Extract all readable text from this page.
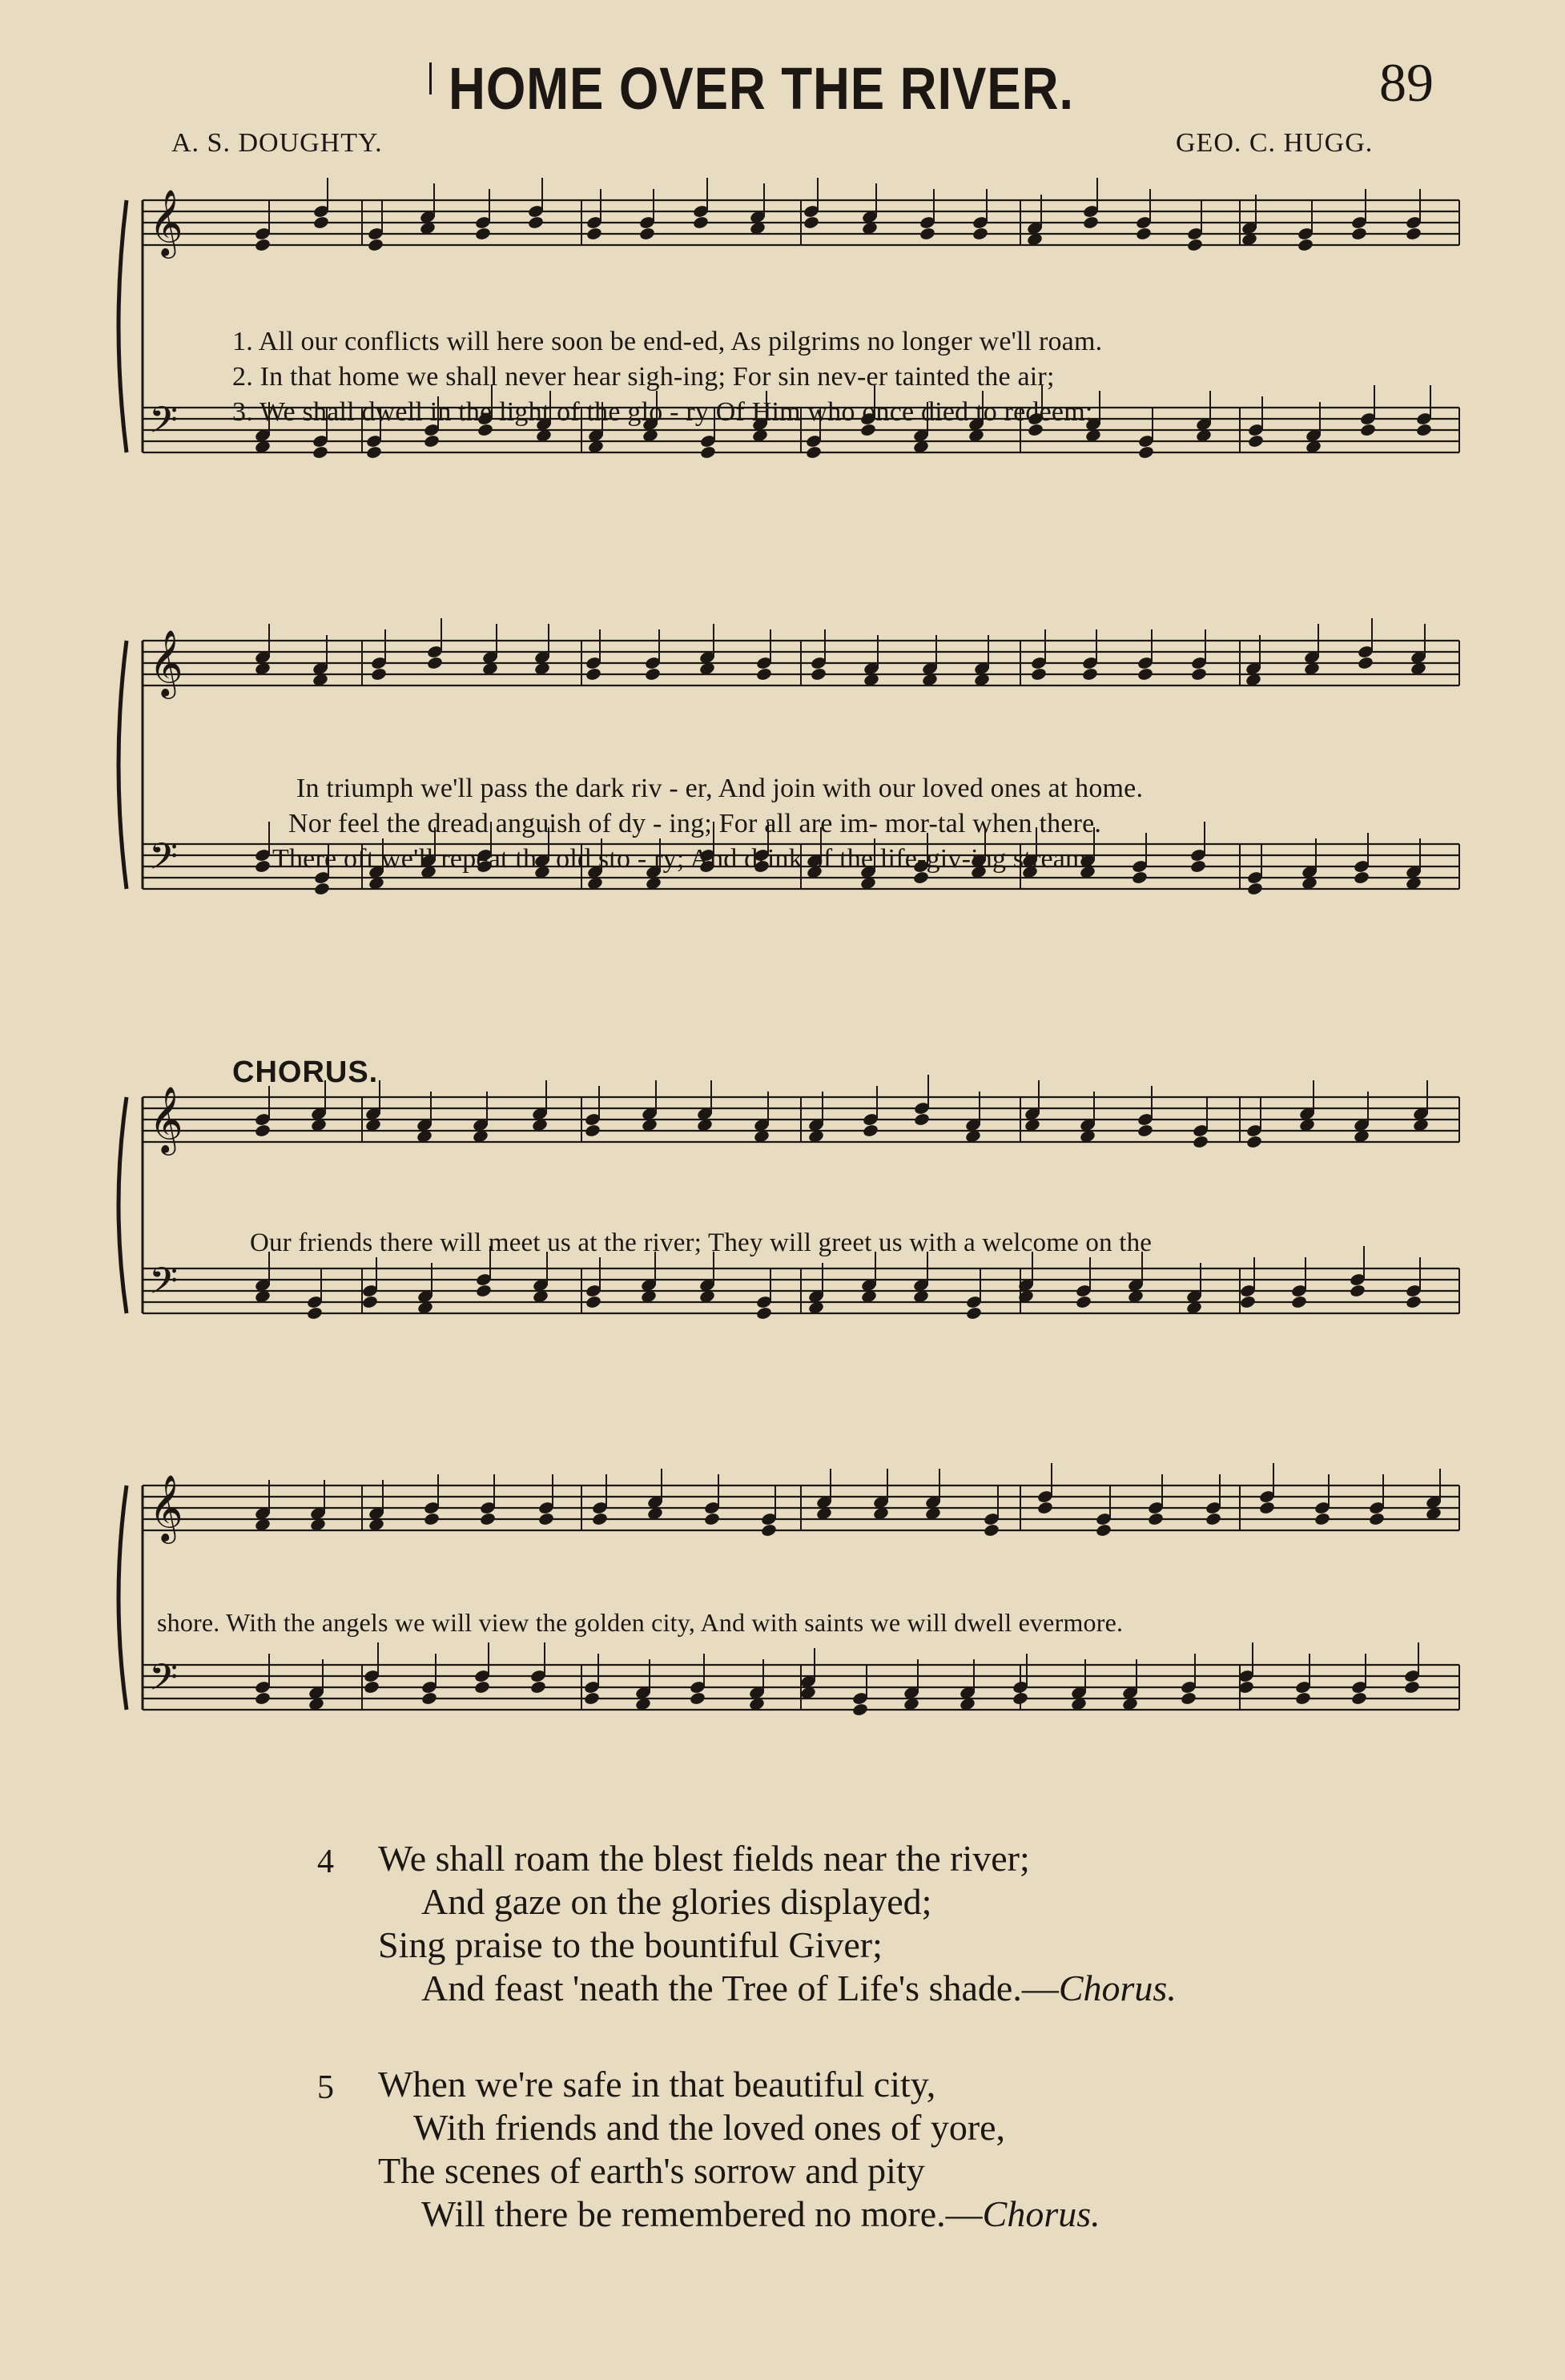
HOME OVER THE RIVER.	89
A. S. DOUGHTY.	GEO. C. HUGG.
𝄞
𝄢
1. All our conflicts will here soon be end-ed, As pilgrims no longer we'll roam.
2. In that home we shall never hear sigh-ing; For sin nev-er tainted the air;
3. We shall dwell in the light of the glo - ry Of Him who once died to redeem;
𝄞
𝄢
In triumph we'll pass the dark riv - er, And join with our loved ones at home.
Nor feel the dread anguish of dy - ing; For all are im- mor-tal when there.
There oft we'll repeat the old sto - ry; And drink of the life-giv-ing stream.
CHORUS.
𝄞
𝄢
Our friends there will meet us at the river; They will greet us with a welcome on the
𝄞
𝄢
shore. With the angels we will view the golden city, And with saints we will dwell evermore.
4 We shall roam the blest fields near the river;
And gaze on the glories displayed;
Sing praise to the bountiful Giver;
And feast 'neath the Tree of Life's shade.—Chorus.
5 When we're safe in that beautiful city,
With friends and the loved ones of yore,
The scenes of earth's sorrow and pity
Will there be remembered no more.—Chorus.
